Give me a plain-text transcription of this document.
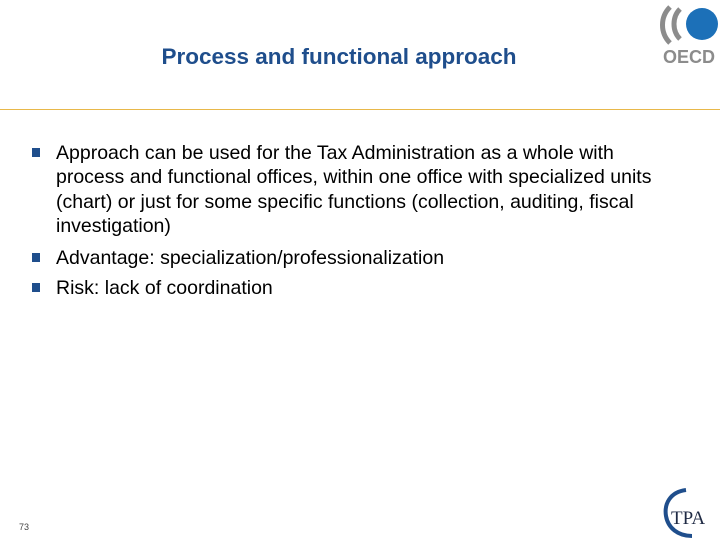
Process and functional approach	OECD
Approach can be used for the Tax Administration as a whole with process and functional offices, within one office with specialized units (chart) or just for some specific functions (collection, auditing, fiscal investigation)
Advantage: specialization/professionalization
Risk: lack of coordination
73	TPA
